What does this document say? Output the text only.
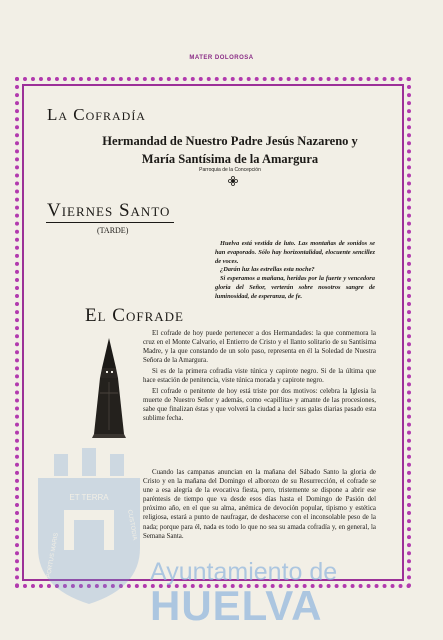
MATER DOLOROSA
ET TERRA
PORTUS MARIS
CUSTODIA
Ayuntamiento de
HUELVA
La Cofradía
Hermandad de Nuestro Padre Jesús Nazareno y
María Santísima de la Amargura
Parroquia de la Concepción
Viernes Santo
(TARDE)

Huelva está vestida de luto. Las montañas de sonidos se han evaporado. Sólo hay horizontalidad, elocuente sencillez de voces.

¿Darán luz las estrellas esta noche?

Si esperamos a mañana, heridas por la fuerte y vencedora gloria del Señor, verterán sobre nosotros sangre de luminosidad, de esperanza, de fe.

El Cofrade

El cofrade de hoy puede pertenecer a dos Hermandades: la que conmemora la cruz en el Monte Calvario, el Entierro de Cristo y el llanto solitario de su Santísima Madre, y la que constando de un solo paso, representa en él la Soledad de Nuestra Señora de la Amargura.

Si es de la primera cofradía viste túnica y capirote negro. Si de la última que hace estación de penitencia, viste túnica morada y capirote negro.

El cofrade o penitente de hoy está triste por dos motivos: celebra la Iglesia la muerte de Nuestro Señor y además, como «capillita» y amante de las procesiones, sabe que finalizan éstas y que volverá la ciudad a lucir sus galas diarias pasado esta sublime fecha.

Cuando las campanas anuncian en la mañana del Sábado Santo la gloria de Cristo y en la mañana del Domingo el alborozo de su Resurrección, el cofrade se une a esa alegría de la evocativa fiesta, pero, tristemente se dispone a abrir ese paréntesis de tiempo que va desde esos días hasta el Domingo de Pasión del próximo año, en el que su alma, anémica de devoción popular, tipismo y estética religiosa, estará a punto de naufragar, de deshacerse con el inconsolable peso de la nada; porque para él, nada es todo lo que no sea su amada cofradía y, en general, la Semana Santa.
